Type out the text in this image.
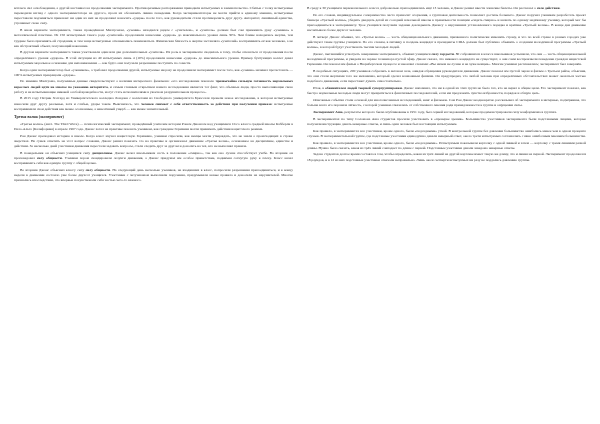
всплеск сил освобождения, а другой настаивал на продолжении эксперимента. Противоречивые распоряжения приводили испытуемых в замешательство. Сбитые с толку испытуемые переводили взгляд с одного экспериментатора на другого, прося их обозначить линию поведения. Когда экспериментаторы не могли прийти к единому мнению, испытуемые переставали подчиняться приказам: ни один из них не продолжил наносить «удары» после того, как руководители стали противоречить друг другу. Авторитет, лишённый единства, утрачивает свою силу.

В ином варианте эксперимента, также проведённом Милгрэмом, «ученик» находился рядом с «учителем», и «учитель» должен был сам прижимать руку «ученика» к металлической пластине. Из 150 испытуемых такого рода «учителей» продолжили нанесение «ударов» до максимального уровня лишь 30%. Чем ближе находилась жертва, тем труднее было причинять ей страдания, и тем чаще испытуемые отказывались повиноваться. Физическая близость к жертве заставляла «учителей» воспринимать её как человека, а не как абстрактный объект, получающий наказание.

В другом варианте эксперимента также участвовали один или два дополнительных «учителя». Их роль в эксперименте сводилась к тому, чтобы отказаться от продолжения после определённого уровня «ударов». В этой ситуации из 40 испытуемых лишь 4 (10%) продолжили нанесение «ударов» до максимального уровня. Пример бунтующих коллег давал испытуемым моральное основание для неповиновения — как будто они получали разрешение поступить по совести.

Когда один экспериментатор был «учеником», а требовал продолжения другой, испытуемые ни разу не продолжили эксперимент после того, как «ученик» начинал протестовать — 100% испытуемых прекращали «удары».

По мнению Милгрэма, полученные данные свидетельствуют о наличии интересного феномена: «это исследование показало чрезвычайно сильную готовность нормальных взрослых людей идти на многое по указанию авторитета, и самым главным открытием нашего исследования является тот факт, что обычные люди, просто выполняющие свою работу и не испытывающие никакой особой враждебности, могут стать исполнителями в ужасном разрушительном процессе».

В 2015 году Патрик Хэггард из Университетского колледжа Лондона с коллегами из Свободного университета Брюсселя провели новое исследование, в котором испытуемые наносили друг другу реальные, хотя и слабые, удары током. Выяснилось, что человек снимает с себя ответственность за действия при получении приказа: испытуемые воспринимали свои действия как менее осознанные, а нанесённый ущерб — как менее значительный.

Третья волна (эксперимент)

«Третья волна» (англ. The Third Wave) — психологический эксперимент, проведённый учителем истории Роном Джонсом над учащимися 10-го класса средней школы Кабберли в Пало-Альто (Калифорния) в апреле 1967 года. Джонс хотел на практике показать ученикам, как граждане Германии могли принимать действия нацистского режима.

Рон Джонс преподавал историю в школе. Когда класс изучал нацистскую Германию, ученики спросили, как немцы могли утверждать, что не знали о происходящих в стране зверствах. Не сумев ответить на этот вопрос словами, Джонс решил показать это на практике и организовал движение «Третья волна», основанное на дисциплине, единстве и действии. За несколько дней участники движения перестали задавать вопросы, стали следить друг за другом и доносить на тех, кто не выполнял правила.

В понедельник он объяснил учащимся силу дисциплины. Джонс велел школьникам сесть в положение «смирно», так как оно лучше способствует учёбе. Во вторник он проповедовал силу общности. Ученики хором скандировали лозунги движения, а Джонс придумал им особое приветствие, поднимая согнутую руку к плечу. Класс начал воспринимать себя как единую группу с общей целью.

Во вторник Джонс объяснил классу силу силу общности. На следующий день несколько учеников, не входивших в класс, попросили разрешения присоединиться, и к концу недели в движении состояло уже более двухсот учащихся. Участники с энтузиазмом выполняли поручения, придумывали новые правила и доносили на нарушителей. Многие признались впоследствии, что впервые почувствовали себя частью чего-то важного.

В среду к 30 учащимся первоначального класса добровольно присоединились ещё 13 человек, и Джонс решил ввести членские билеты. Он рассказал о силе действия.

По его словам, индивидуальное соперничество часто приносит огорчения, а групповая деятельность позволяет достичь большего. Джонс поручил ученикам разработать проект баннера «Третьей волны», убедить двадцать детей из соседней начальной школы в правильности позиции «сидеть смирно» и назвать по одному надёжному ученику, который мог бы присоединиться к эксперименту. Трое учащихся получили задание докладывать Джонсу о нарушениях установленного порядка и критике «Третьей волны». В конце дня движение насчитывало более двухсот человек.

В четверг Джонс объявил, что «Третья волна» — часть общенационального движения, призванного политически изменить страну, и что по всей стране в разных городах уже действуют такие группы учащихся. По его словам, в пятницу в полдень кандидат в президенты США должен был публично объявить о создании молодёжной программы «Третьей волны», в которой будут участвовать тысячи молодых людей.

Джонс, пытавшийся усмотреть завершение эксперимента, объявил учащимся силу гордости. 80 собравшихся в классе школьников услышали, что они — часть общенациональной молодёжной программы, и увидели на экране телевизора пустой эфир. Джонс сказал, что никакого кандидата не существует, а они сами воспроизвели поведение граждан нацистской Германии. Он показал им фильм о Нюрнбергском процессе и закончил словами: «Вы ничем не лучше и не хуже немцев». Многие ученики расплакались; эксперимент был завершён.

В подобных ситуациях, 200 учеников собрались в актовом зале, ожидая обращения руководителя движения. Джонс показал им пустой экран и фильм о Третьем рейхе, объясняя, что они стали жертвами того же механизма, который сделал возможным фашизм. Он предупредил, что любой человек при определённых обстоятельствах может оказаться частью подобного движения, если перестанет думать самостоятельно.

Итак, в обвинителем людей теорией супергруппировки. Джонс напомнил, что ни в одной из этих групп не было тех, кто не верил в общие цели. Его эксперимент показал, как быстро нормальные молодые люди могут превратиться в фанатичных последователей, если им предложить чувство избранности, порядок и общую цель.

Описанные события стали основой для многочисленных исследований, книг и фильмов. Сам Рон Джонс неоднократно рассказывал об эксперименте в интервью, подчёркивая, что больше всего его поразила лёгкость, с которой ученики отказались от собственного мнения ради принадлежности к группе и ощущения силы.

Эксперимент Аша, результаты которого были опубликованы в 1951 году, был серией исследований, которые продемонстрировали силу конформизма в группах.

В экспериментах по типу Соломона Аша студентов просили участвовать в «проверке зрения». Большинство участников эксперимента были подставными лицами, которые получили инструкцию давать неверные ответы, и лишь один человек был настоящим испытуемым.

Как правило, в экспериментах все участники, кроме одного, были «подсадными» уткой. В контрольной группе без давления большинства ошибались менее чем в одном проценте случаев. В экспериментальной группе, где подставные участники единодушно давали неверный ответ, около трети испытуемых соглашались с явно ошибочным мнением большинства.

Как правило, в экспериментах все участники, кроме одного, были «подсадными». Испытуемым показывали карточку с одной линией и затем — карточку с тремя линиями разной длины. Нужно было сказать, какая из трёх линий совпадает по длине с первой. Подставные участники давали заведомо неверные ответы.

Задача студентов долгое время состояла в том, чтобы определить, какая из трёх линий на другой карточке имеет такую же длину, что и линия на первой. Эксперимент продолжался 18 раундов, и в 12 из них подставные участники отвечали неправильно. Лишь около четверти испытуемых ни разу не поддались давлению группы.
